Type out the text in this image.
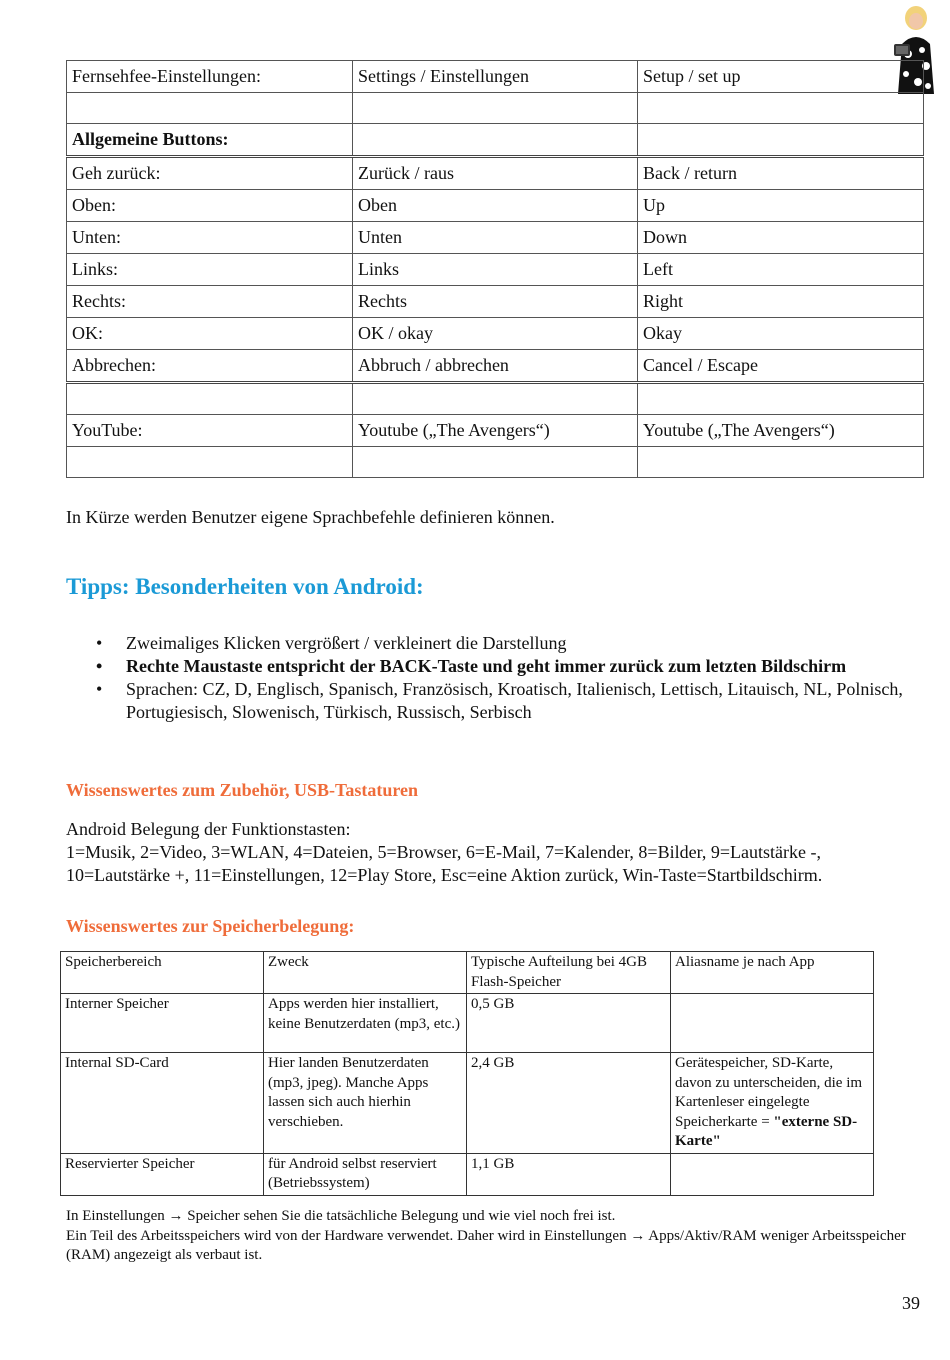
Fernsehfee-Einstellungen:	Settings / Einstellungen	Setup / set up

Allgemeine Buttons:		
Geh zurück:	Zurück / raus	Back / return
Oben:	Oben	Up
Unten:	Unten	Down
Links:	Links	Left
Rechts:	Rechts	Right
OK:	OK / okay	Okay
Abbrechen:	Abbruch / abbrechen	Cancel / Escape

YouTube:	Youtube („The Avengers“)	Youtube („The Avengers“)

In Kürze werden Benutzer eigene Sprachbefehle definieren können.

Tipps: Besonderheiten von Android:
• Zweimaliges Klicken vergrößert / verkleinert die Darstellung
• Rechte Maustaste entspricht der BACK-Taste und geht immer zurück zum letzten Bildschirm
• Sprachen: CZ, D, Englisch, Spanisch, Französisch, Kroatisch, Italienisch, Lettisch, Litauisch, NL, Polnisch, Portugiesisch, Slowenisch, Türkisch, Russisch, Serbisch
Wissenswertes zum Zubehör, USB-Tastaturen

Android Belegung der Funktionstasten:
1=Musik, 2=Video, 3=WLAN, 4=Dateien, 5=Browser, 6=E-Mail, 7=Kalender, 8=Bilder, 9=Lautstärke -, 10=Lautstärke +, 11=Einstellungen, 12=Play Store, Esc=eine Aktion zurück, Win-Taste=Startbildschirm.

Wissenswertes zur Speicherbelegung:
Speicherbereich	Zweck	Typische Aufteilung bei 4GB Flash-Speicher	Aliasname je nach App
Interner Speicher	Apps werden hier installiert, keine Benutzerdaten (mp3, etc.)	0,5 GB	
Internal SD-Card	Hier landen Benutzerdaten (mp3, jpeg). Manche Apps lassen sich auch hierhin verschieben.	2,4 GB	Gerätespeicher, SD-Karte, davon zu unterscheiden, die im Kartenleser eingelegte Speicherkarte = "externe SD-Karte"
Reservierter Speicher	für Android selbst reserviert (Betriebssystem)	1,1 GB	

In Einstellungen → Speicher sehen Sie die tatsächliche Belegung und wie viel noch frei ist.
Ein Teil des Arbeitsspeichers wird von der Hardware verwendet. Daher wird in Einstellungen → Apps/Aktiv/RAM weniger Arbeitsspeicher (RAM) angezeigt als verbaut ist.

39
